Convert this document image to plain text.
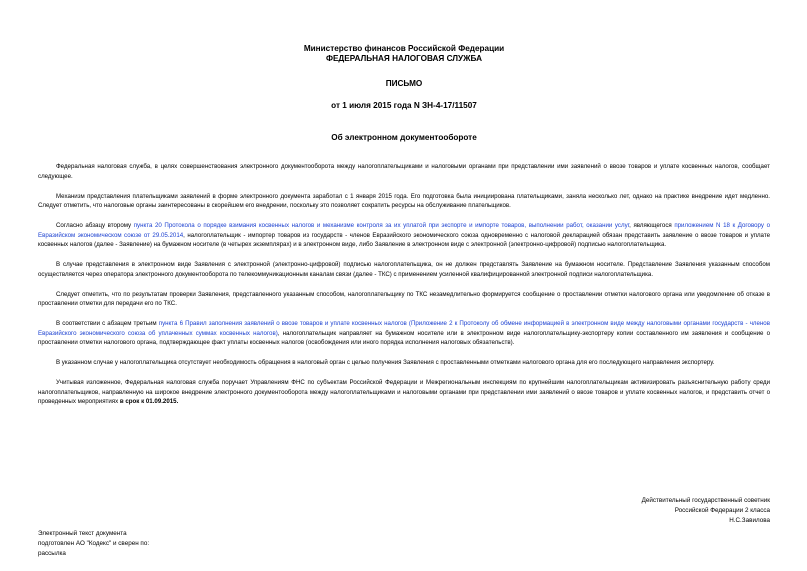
Министерство финансов Российской Федерации
ФЕДЕРАЛЬНАЯ НАЛОГОВАЯ СЛУЖБА
ПИСЬМО
от 1 июля 2015 года N ЗН-4-17/11507
Об электронном документообороте

Федеральная налоговая служба, в целях совершенствования электронного документооборота между налогоплательщиками и налоговыми органами при представлении ими заявлений о ввозе товаров и уплате косвенных налогов, сообщает следующее.

Механизм представления плательщиками заявлений в форме электронного документа заработал с 1 января 2015 года. Его подготовка была инициирована плательщиками, заняла несколько лет, однако на практике внедрение идет медленно. Следует отметить, что налоговые органы заинтересованы в скорейшем его внедрении, поскольку это позволяет сократить ресурсы на обслуживание плательщиков.

Согласно абзацу второму пункта 20 Протокола о порядке взимания косвенных налогов и механизме контроля за их уплатой при экспорте и импорте товаров, выполнении работ, оказании услуг, являющегося приложением N 18 к Договору о Евразийском экономическом союзе от 29.05.2014, налогоплательщик - импортер товаров из государств - членов Евразийского экономического союза одновременно с налоговой декларацией обязан представить заявление о ввозе товаров и уплате косвенных налогов (далее - Заявление) на бумажном носителе (в четырех экземплярах) и в электронном виде, либо Заявление в электронном виде с электронной (электронно-цифровой) подписью налогоплательщика.

В случае представления в электронном виде Заявления с электронной (электронно-цифровой) подписью налогоплательщика, он не должен представлять Заявление на бумажном носителе. Представление Заявления указанным способом осуществляется через оператора электронного документооборота по телекоммуникационным каналам связи (далее - ТКС) с применением усиленной квалифицированной электронной подписи налогоплательщика.

Следует отметить, что по результатам проверки Заявления, представленного указанным способом, налогоплательщику по ТКС незамедлительно формируется сообщение о проставлении отметки налогового органа или уведомление об отказе в проставлении отметки для передачи его по ТКС.

В соответствии с абзацем третьим пункта 6 Правил заполнения заявлений о ввозе товаров и уплате косвенных налогов (Приложение 2 к Протоколу об обмене информацией в электронном виде между налоговыми органами государств - членов Евразийского экономического союза об уплаченных суммах косвенных налогов), налогоплательщик направляет на бумажном носителе или в электронном виде налогоплательщику-экспортеру копии составленного им заявления и сообщение о проставлении отметки налогового органа, подтверждающее факт уплаты косвенных налогов (освобождения или иного порядка исполнения налоговых обязательств).

В указанном случае у налогоплательщика отсутствует необходимость обращения в налоговый орган с целью получения Заявления с проставленными отметками налогового органа для его последующего направления экспортеру.

Учитывая изложенное, Федеральная налоговая служба поручает Управлениям ФНС по субъектам Российской Федерации и Межрегиональным инспекциям по крупнейшим налогоплательщикам активизировать разъяснительную работу среди налогоплательщиков, направленную на широкое внедрение электронного документооборота между налогоплательщиками и налоговыми органами при представлении ими заявлений о ввозе товаров и уплате косвенных налогов, и представить отчет о проведенных мероприятиях в срок к 01.09.2015.

Действительный государственный советник
Российской Федерации 2 класса
Н.С.Завилова
Электронный текст документа
подготовлен АО "Кодекс" и сверен по:
рассылка
